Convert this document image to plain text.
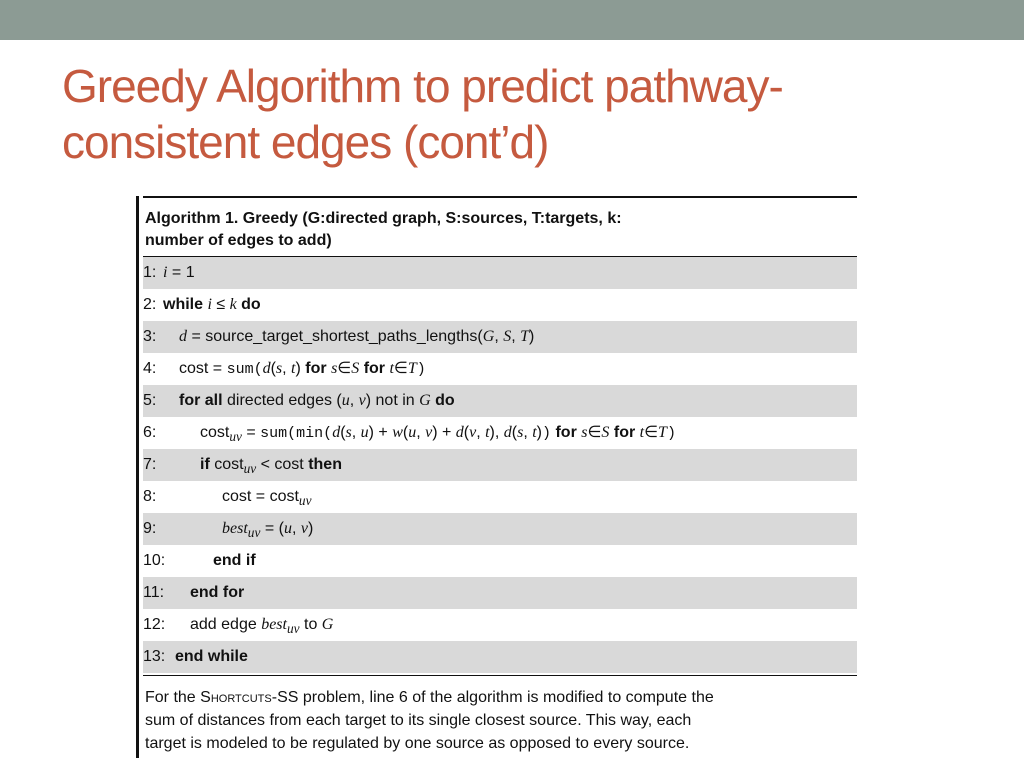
Greedy Algorithm to predict pathway-
consistent edges (cont’d)
Algorithm 1. Greedy (G:directed graph, S:sources, T:targets, k:
number of edges to add)
1: i = 1
2: while i ≤ k do
3: d = source_target_shortest_paths_lengths(G, S, T)
4: cost = sum(d(s, t) for s∈S for t∈T)
5: for all directed edges (u, v) not in G do
6:	cost$_{uv}$ = sum(min(d(s, u) + w(u, v) + d(v, t), d(s, t)) for s∈S for t∈T)
7:	if cost$_{uv}$ < cost then
8:	cost = cost$_{uv}$
9:	best$_{uv}$ = (u, v)
10:	end if
11: end for
12: add edge best$_{uv}$ to G
13: end while
For the Shortcuts-SS problem, line 6 of the algorithm is modified to compute the
sum of distances from each target to its single closest source. This way, each
target is modeled to be regulated by one source as opposed to every source.
